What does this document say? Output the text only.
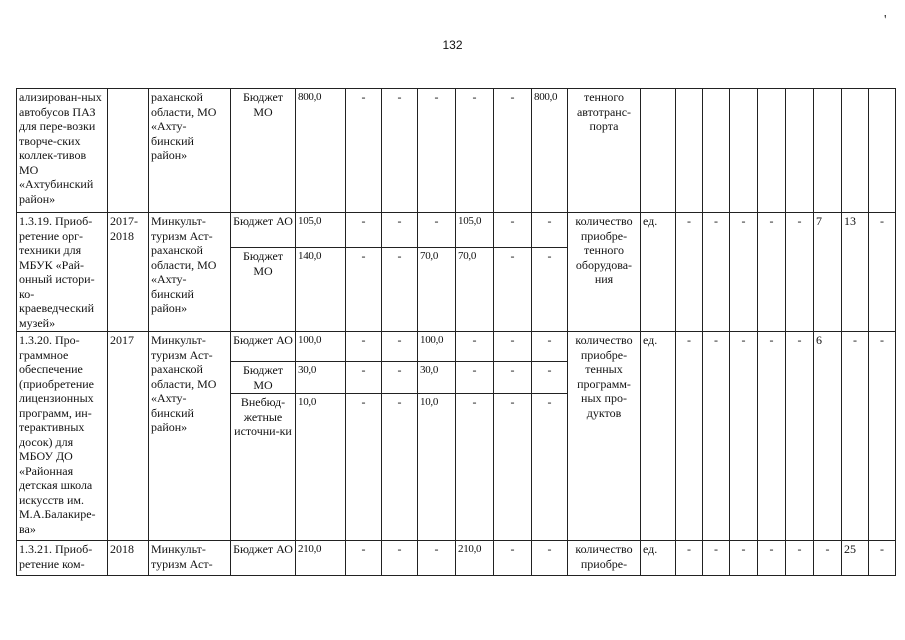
132
'
ализирован-ных автобусов ПАЗ для пере-возки творче-ских коллек-тивов МО «Ахтубинский район»		раханской области, МО «Ахту-бинский район»	Бюджет МО	800,0	-	-	-	-	-	800,0	тенного автотранс-порта										
1.3.19. Приоб-ретение орг-техники для МБУК «Рай-онный истори-ко-краеведческий музей»	2017-2018	Минкульт-туризм Аст-раханской области, МО «Ахту-бинский район»	Бюджет АО	105,0	-	-	-	105,0	-	-	количество приобре-тенного оборудова-ния	ед.	-	-	-	-	-	7	13	-	
			Бюджет МО	140,0	-	-	70,0	70,0	-	-											
1.3.20. Про-граммное обеспечение (приобретение лицензионных программ, ин-терактивных досок) для МБОУ ДО «Районная детская школа искусств им. М.А.Балакире-ва»	2017	Минкульт-туризм Аст-раханской области, МО «Ахту-бинский район»	Бюджет АО	100,0	-	-	100,0	-	-	-	количество приобре-тенных программ-ных про-дуктов	ед.	-	-	-	-	-	6	-	-	
			Бюджет МО	30,0	-	-	30,0	-	-	-											
			Внебюд-жетные источни-ки	10,0	-	-	10,0	-	-	-											
1.3.21. Приоб-ретение ком-	2018	Минкульт-туризм Аст-	Бюджет АО	210,0	-	-	-	210,0	-	-	количество приобре-	ед.	-	-	-	-	-	-	25	-	
